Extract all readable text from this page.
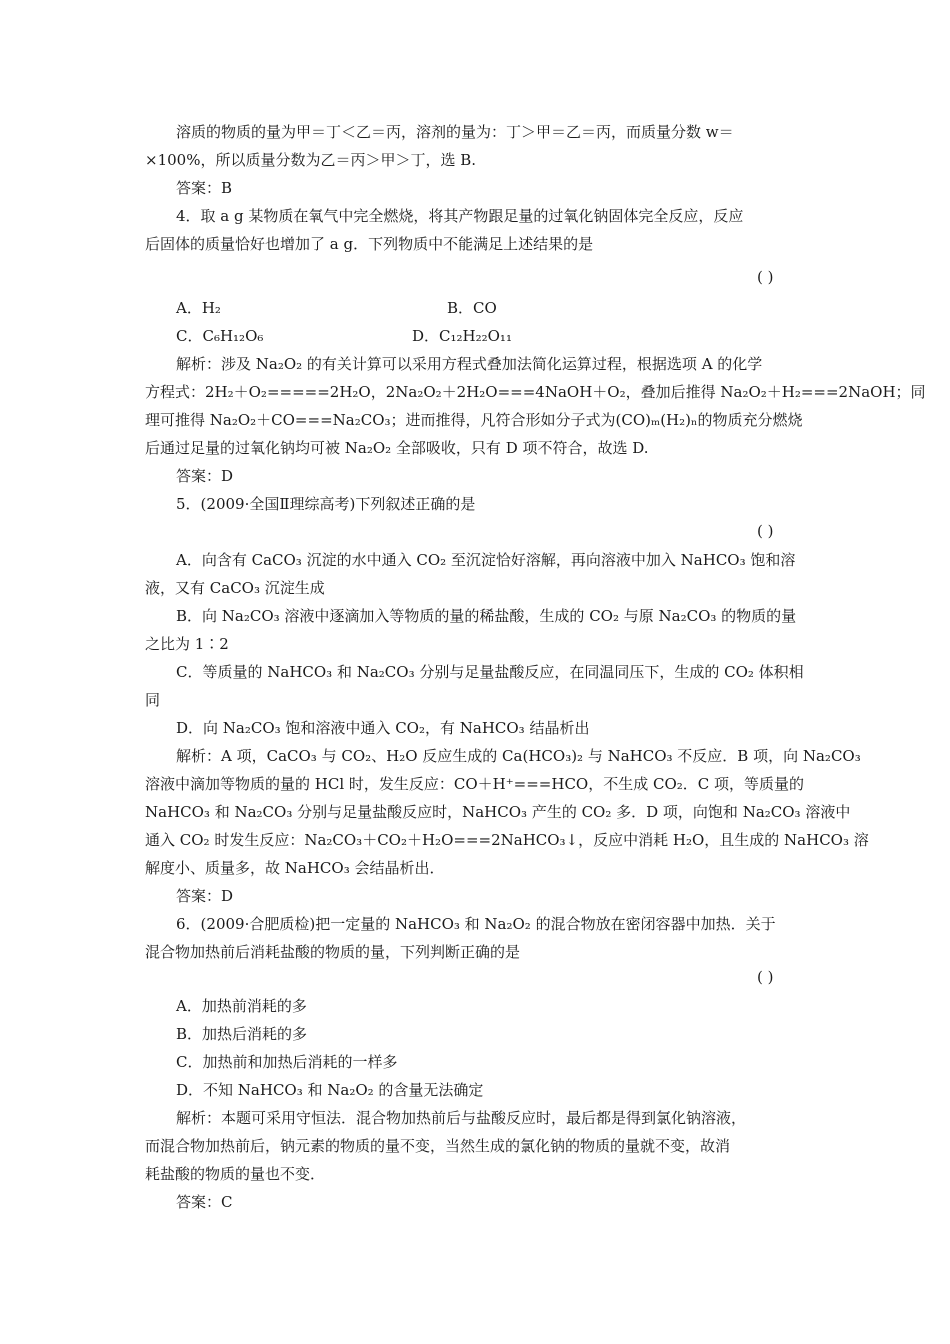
溶质的物质的量为甲＝丁＜乙＝丙，溶剂的量为：丁＞甲＝乙＝丙，而质量分数 w＝
×100%，所以质量分数为乙＝丙＞甲＞丁，选 B.
答案：B
4．取 a g 某物质在氧气中完全燃烧，将其产物跟足量的过氧化钠固体完全反应，反应
后固体的质量恰好也增加了 a g．下列物质中不能满足上述结果的是
( )
A．H₂	B．CO
C．C₆H₁₂O₆	D．C₁₂H₂₂O₁₁
解析：涉及 Na₂O₂ 的有关计算可以采用方程式叠加法简化运算过程，根据选项 A 的化学
方程式：2H₂＋O₂=====2H₂O，2Na₂O₂＋2H₂O===4NaOH＋O₂，叠加后推得 Na₂O₂＋H₂===2NaOH；同
理可推得 Na₂O₂＋CO===Na₂CO₃；进而推得，凡符合形如分子式为(CO)ₘ(H₂)ₙ的物质充分燃烧
后通过足量的过氧化钠均可被 Na₂O₂ 全部吸收，只有 D 项不符合，故选 D.
答案：D
5．(2009·全国Ⅱ理综高考)下列叙述正确的是
( )
A．向含有 CaCO₃ 沉淀的水中通入 CO₂ 至沉淀恰好溶解，再向溶液中加入 NaHCO₃ 饱和溶
液，又有 CaCO₃ 沉淀生成
B．向 Na₂CO₃ 溶液中逐滴加入等物质的量的稀盐酸，生成的 CO₂ 与原 Na₂CO₃ 的物质的量
之比为 1∶2
C．等质量的 NaHCO₃ 和 Na₂CO₃ 分别与足量盐酸反应，在同温同压下，生成的 CO₂ 体积相
同
D．向 Na₂CO₃ 饱和溶液中通入 CO₂，有 NaHCO₃ 结晶析出
解析：A 项，CaCO₃ 与 CO₂、H₂O 反应生成的 Ca(HCO₃)₂ 与 NaHCO₃ 不反应．B 项，向 Na₂CO₃
溶液中滴加等物质的量的 HCl 时，发生反应：CO＋H⁺===HCO，不生成 CO₂．C 项，等质量的
NaHCO₃ 和 Na₂CO₃ 分别与足量盐酸反应时，NaHCO₃ 产生的 CO₂ 多．D 项，向饱和 Na₂CO₃ 溶液中
通入 CO₂ 时发生反应：Na₂CO₃＋CO₂＋H₂O===2NaHCO₃↓，反应中消耗 H₂O，且生成的 NaHCO₃ 溶
解度小、质量多，故 NaHCO₃ 会结晶析出．
答案：D
6．(2009·合肥质检)把一定量的 NaHCO₃ 和 Na₂O₂ 的混合物放在密闭容器中加热．关于
混合物加热前后消耗盐酸的物质的量，下列判断正确的是
( )
A．加热前消耗的多
B．加热后消耗的多
C．加热前和加热后消耗的一样多
D．不知 NaHCO₃ 和 Na₂O₂ 的含量无法确定
解析：本题可采用守恒法．混合物加热前后与盐酸反应时，最后都是得到氯化钠溶液，
而混合物加热前后，钠元素的物质的量不变，当然生成的氯化钠的物质的量就不变，故消
耗盐酸的物质的量也不变．
答案：C
